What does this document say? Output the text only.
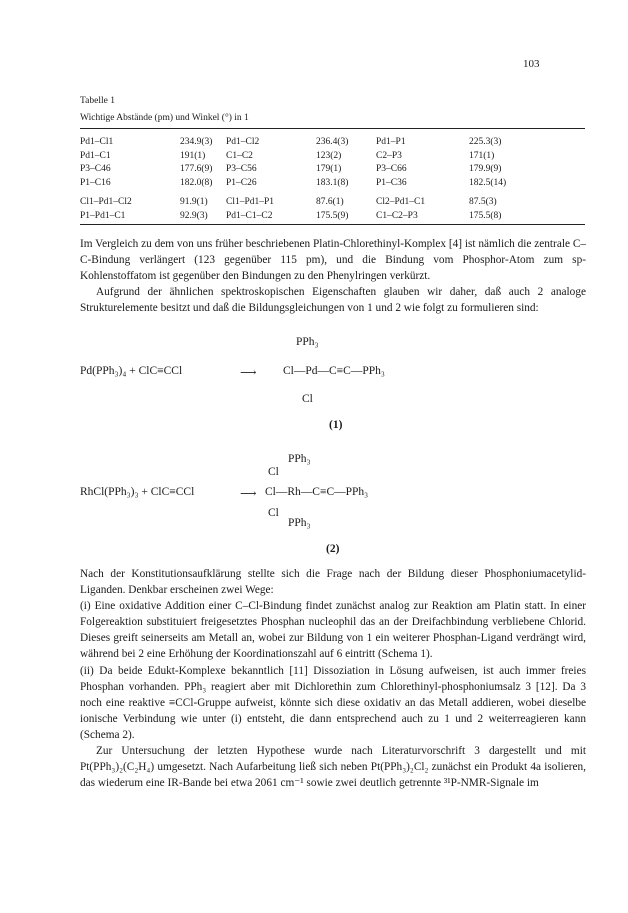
103
Tabelle 1
Wichtige Abstände (pm) und Winkel (°) in 1
Pd1–Cl1	234.9(3) Pd1–Cl2	236.4(3)	Pd1–P1	225.3(3)
Pd1–C1	191(1) C1–C2	123(2)	C2–P3	171(1)
P3–C46	177.6(9) P3–C56	179(1)	P3–C66	179.9(9)
P1–C16	182.0(8) P1–C26	183.1(8)	P1–C36	182.5(14)
Cl1–Pd1–Cl2	91.9(1) Cl1–Pd1–P1	87.6(1)	Cl2–Pd1–C1	87.5(3)
P1–Pd1–C1	92.9(3) Pd1–C1–C2	175.5(9)	C1–C2–P3	175.5(8)

Im Vergleich zu dem von uns früher beschriebenen Platin-Chlorethinyl-Komplex [4] ist nämlich die zentrale C–C-Bindung verlängert (123 gegenüber 115 pm), und die Bindung vom Phosphor-Atom zum sp-Kohlenstoffatom ist gegenüber den Bindungen zu den Phenylringen verkürzt.

Aufgrund der ähnlichen spektroskopischen Eigenschaften glauben wir daher, daß auch 2 analoge Strukturelemente besitzt und daß die Bildungsgleichungen von 1 und 2 wie folgt zu formulieren sind:

PPh₃
Pd(PPh₃)₄ + ClC≡CCl	⟶ Cl—Pd—C≡C—PPh₃
Cl
(1)
PPh₃
Cl
RhCl(PPh₃)₃ + ClC≡CCl	⟶ Cl—Rh—C≡C—PPh₃
Cl
PPh₃
(2)

Nach der Konstitutionsaufklärung stellte sich die Frage nach der Bildung dieser Phosphoniumacetylid-Liganden. Denkbar erscheinen zwei Wege:

(i) Eine oxidative Addition einer C–Cl-Bindung findet zunächst analog zur Reaktion am Platin statt. In einer Folgereaktion substituiert freigesetztes Phosphan nucleophil das an der Dreifachbindung verbliebene Chlorid. Dieses greift seinerseits am Metall an, wobei zur Bildung von 1 ein weiterer Phosphan-Ligand verdrängt wird, während bei 2 eine Erhöhung der Koordinationszahl auf 6 eintritt (Schema 1).

(ii) Da beide Edukt-Komplexe bekanntlich [11] Dissoziation in Lösung aufweisen, ist auch immer freies Phosphan vorhanden. PPh₃ reagiert aber mit Dichlorethin zum Chlorethinyl-phosphoniumsalz 3 [12]. Da 3 noch eine reaktive ≡CCl-Gruppe aufweist, könnte sich diese oxidativ an das Metall addieren, wobei dieselbe ionische Verbindung wie unter (i) entsteht, die dann entsprechend auch zu 1 und 2 weiterreagieren kann (Schema 2).

Zur Untersuchung der letzten Hypothese wurde nach Literaturvorschrift 3 dargestellt und mit Pt(PPh₃)₂(C₂H₄) umgesetzt. Nach Aufarbeitung ließ sich neben Pt(PPh₃)₂Cl₂ zunächst ein Produkt 4a isolieren, das wiederum eine IR-Bande bei etwa 2061 cm⁻¹ sowie zwei deutlich getrennte ³¹P-NMR-Signale im
